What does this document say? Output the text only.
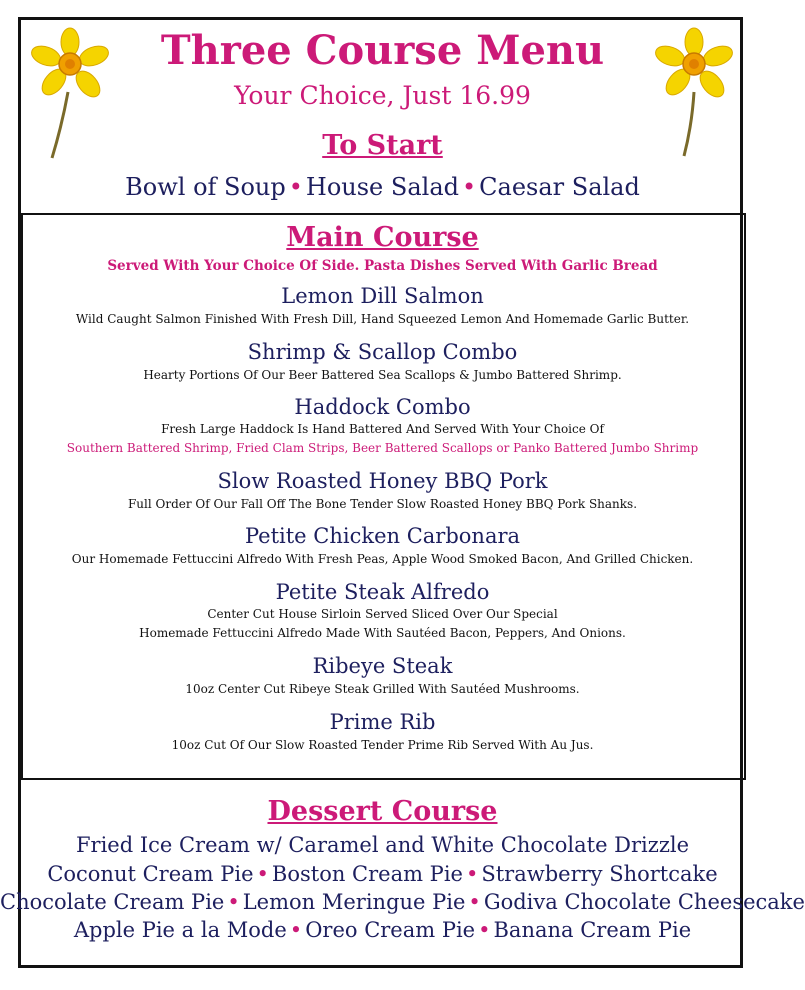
Three Course Menu
Your Choice, Just 16.99
To Start
Bowl of Soup • House Salad • Caesar Salad
Main Course
Served With Your Choice Of Side. Pasta Dishes Served With Garlic Bread
Lemon Dill Salmon
Wild Caught Salmon Finished With Fresh Dill, Hand Squeezed Lemon And Homemade Garlic Butter.
Shrimp & Scallop Combo
Hearty Portions Of Our Beer Battered Sea Scallops & Jumbo Battered Shrimp.
Haddock Combo
Fresh Large Haddock Is Hand Battered And Served With Your Choice Of
Southern Battered Shrimp, Fried Clam Strips, Beer Battered Scallops or Panko Battered Jumbo Shrimp
Slow Roasted Honey BBQ Pork
Full Order Of Our Fall Off The Bone Tender Slow Roasted Honey BBQ Pork Shanks.
Petite Chicken Carbonara
Our Homemade Fettuccini Alfredo With Fresh Peas, Apple Wood Smoked Bacon, And Grilled Chicken.
Petite Steak Alfredo
Center Cut House Sirloin Served Sliced Over Our Special
Homemade Fettuccini Alfredo Made With Sautéed Bacon, Peppers, And Onions.
Ribeye Steak
10oz Center Cut Ribeye Steak Grilled With Sautéed Mushrooms.
Prime Rib
10oz Cut Of Our Slow Roasted Tender Prime Rib Served With Au Jus.
Dessert Course
Fried Ice Cream w/ Caramel and White Chocolate Drizzle
Coconut Cream Pie • Boston Cream Pie • Strawberry Shortcake
Chocolate Cream Pie • Lemon Meringue Pie • Godiva Chocolate Cheesecake
Apple Pie a la Mode • Oreo Cream Pie • Banana Cream Pie
